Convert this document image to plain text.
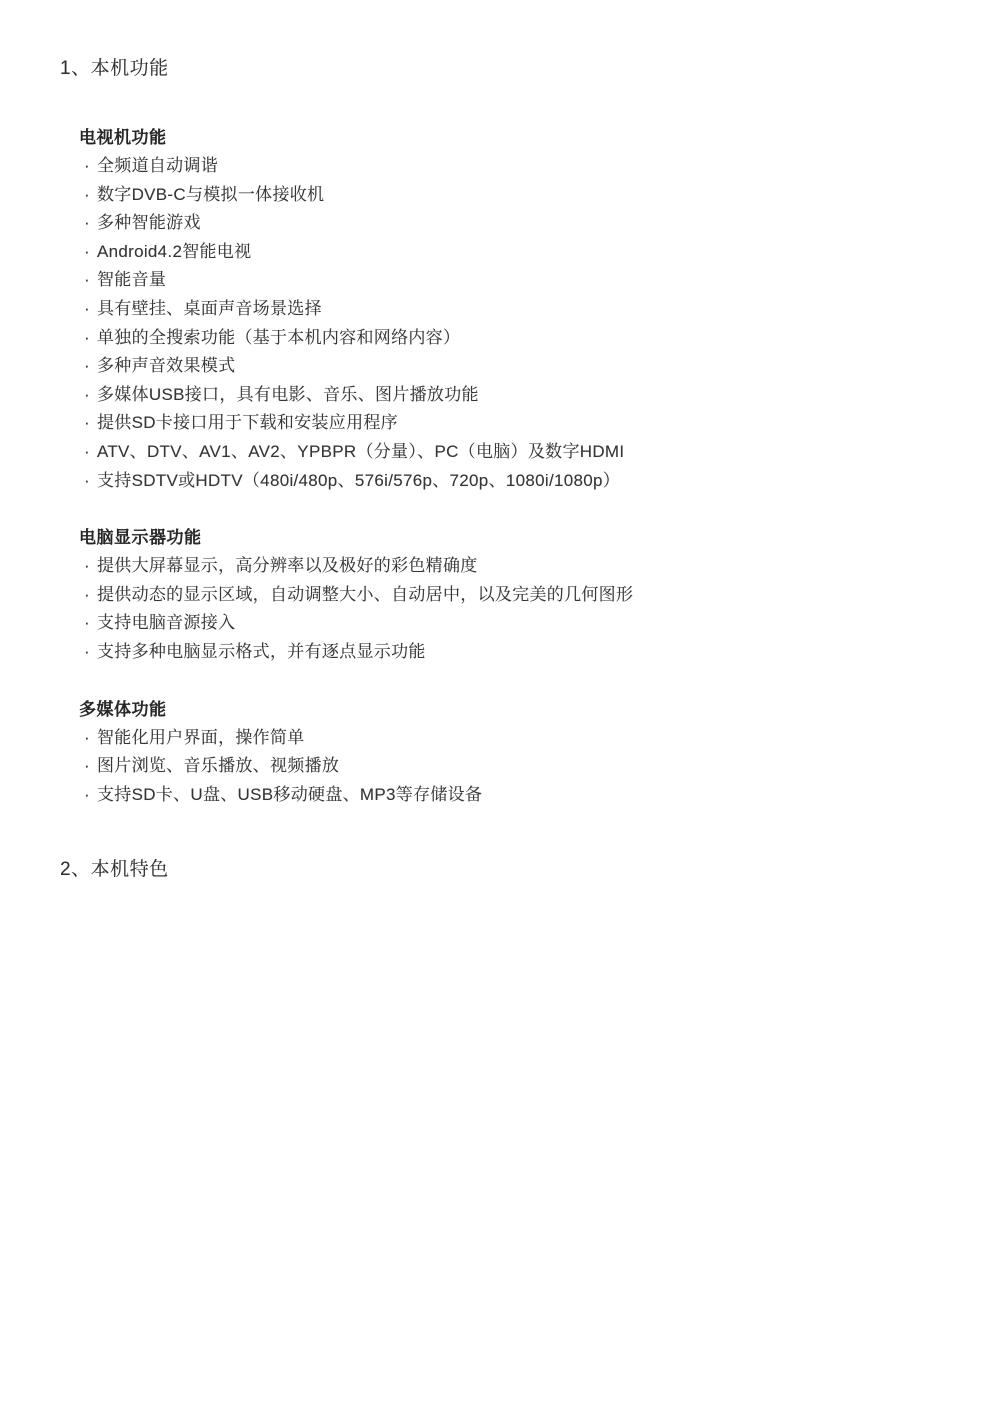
1、本机功能
电视机功能
· 全频道自动调谐
· 数字DVB-C与模拟一体接收机
· 多种智能游戏
· Android4.2智能电视
· 智能音量
· 具有壁挂、桌面声音场景选择
· 单独的全搜索功能（基于本机内容和网络内容）
· 多种声音效果模式
· 多媒体USB接口，具有电影、音乐、图片播放功能
· 提供SD卡接口用于下载和安装应用程序
· ATV、DTV、AV1、AV2、YPBPR（分量）、PC（电脑）及数字HDMI
· 支持SDTV或HDTV（480i/480p、576i/576p、720p、1080i/1080p）
电脑显示器功能
· 提供大屏幕显示，高分辨率以及极好的彩色精确度
· 提供动态的显示区域，自动调整大小、自动居中，以及完美的几何图形
· 支持电脑音源接入
· 支持多种电脑显示格式，并有逐点显示功能
多媒体功能
· 智能化用户界面，操作简单
· 图片浏览、音乐播放、视频播放
· 支持SD卡、U盘、USB移动硬盘、MP3等存储设备
2、本机特色
